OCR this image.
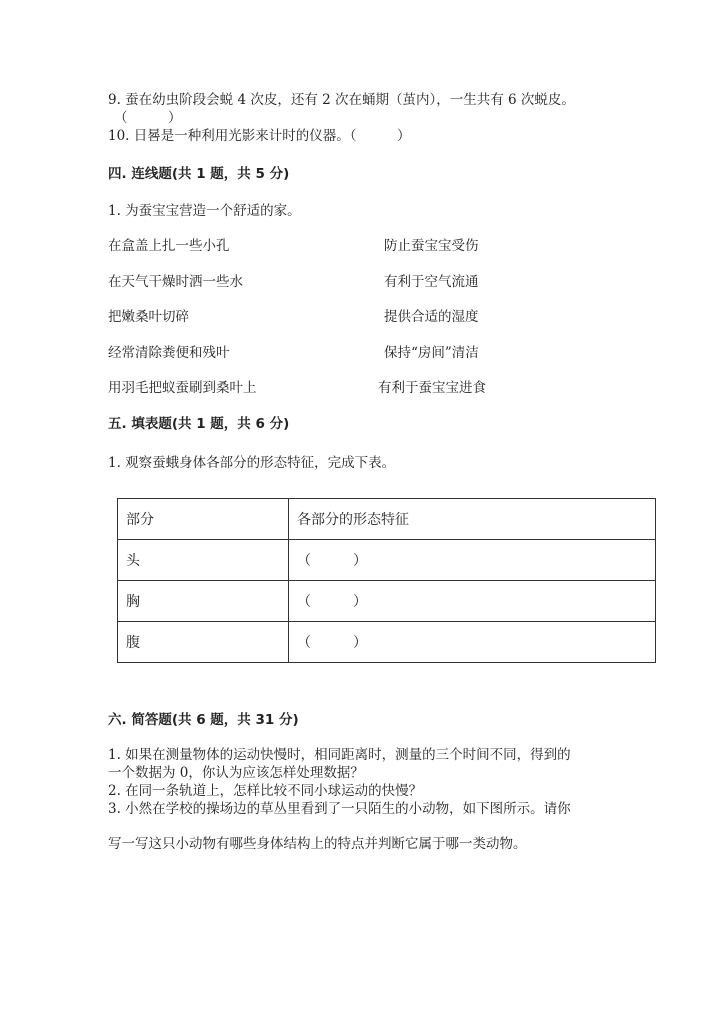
9. 蚕在幼虫阶段会蜕 4 次皮，还有 2 次在蛹期（茧内），一生共有 6 次蜕皮。
（　　　）
10. 日晷是一种利用光影来计时的仪器。（　　　）
四. 连线题(共 1 题，共 5 分)
1. 为蚕宝宝营造一个舒适的家。
在盒盖上扎一些小孔	防止蚕宝宝受伤
在天气干燥时洒一些水	有利于空气流通
把嫩桑叶切碎	提供合适的湿度
经常清除粪便和残叶	保持“房间”清洁
用羽毛把蚁蚕刷到桑叶上	有利于蚕宝宝进食
五. 填表题(共 1 题，共 6 分)
1. 观察蚕蛾身体各部分的形态特征，完成下表。
部分	各部分的形态特征
头	（　　　）
胸	（　　　）
腹	（　　　）
六. 简答题(共 6 题，共 31 分)
1. 如果在测量物体的运动快慢时，相同距离时，测量的三个时间不同，得到的
一个数据为 0，你认为应该怎样处理数据？
2. 在同一条轨道上，怎样比较不同小球运动的快慢？
3. 小然在学校的操场边的草丛里看到了一只陌生的小动物，如下图所示。请你
写一写这只小动物有哪些身体结构上的特点并判断它属于哪一类动物。
